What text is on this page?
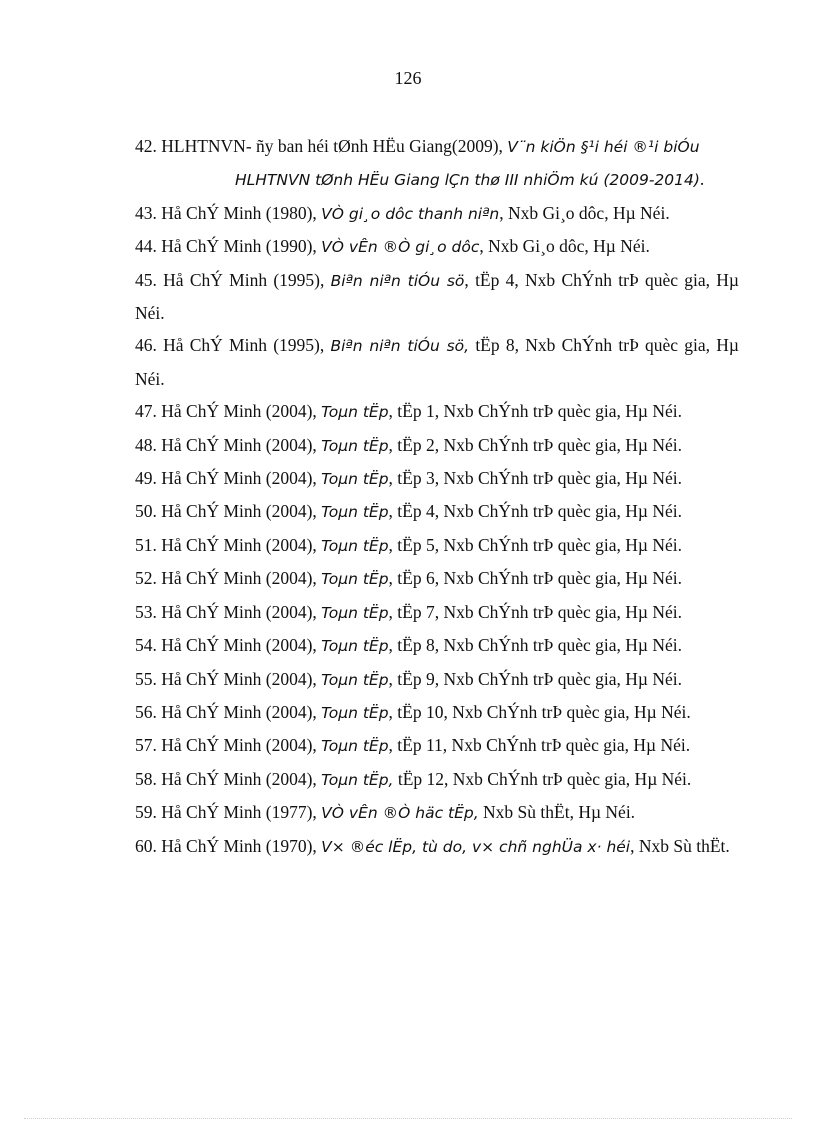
126

42. HLHTNVN- ñy ban héi tØnh HËu Giang(2009), V¨n kiÖn §¹i héi ®¹i biÓu
HLHTNVN tØnh HËu Giang lÇn thø III nhiÖm kú (2009-2014).

43. Hå ChÝ Minh (1980), VÒ gi¸o dôc thanh niªn, Nxb Gi¸o dôc, Hµ Néi.

44. Hå ChÝ Minh (1990), VÒ vÊn ®Ò gi¸o dôc, Nxb Gi¸o dôc, Hµ Néi.

45. Hå ChÝ Minh (1995), Biªn niªn tiÓu sö, tËp 4, Nxb ChÝnh trÞ quèc gia, Hµ Néi.

46. Hå ChÝ Minh (1995), Biªn niªn tiÓu sö, tËp 8, Nxb ChÝnh trÞ quèc gia, Hµ Néi.

47. Hå ChÝ Minh (2004), Toµn tËp, tËp 1, Nxb ChÝnh trÞ quèc gia, Hµ Néi.

48. Hå ChÝ Minh (2004), Toµn tËp, tËp 2, Nxb ChÝnh trÞ quèc gia, Hµ Néi.

49. Hå ChÝ Minh (2004), Toµn tËp, tËp 3, Nxb ChÝnh trÞ quèc gia, Hµ Néi.

50. Hå ChÝ Minh (2004), Toµn tËp, tËp 4, Nxb ChÝnh trÞ quèc gia, Hµ Néi.

51. Hå ChÝ Minh (2004), Toµn tËp, tËp 5, Nxb ChÝnh trÞ quèc gia, Hµ Néi.

52. Hå ChÝ Minh (2004), Toµn tËp, tËp 6, Nxb ChÝnh trÞ quèc gia, Hµ Néi.

53. Hå ChÝ Minh (2004), Toµn tËp, tËp 7, Nxb ChÝnh trÞ quèc gia, Hµ Néi.

54. Hå ChÝ Minh (2004), Toµn tËp, tËp 8, Nxb ChÝnh trÞ quèc gia, Hµ Néi.

55. Hå ChÝ Minh (2004), Toµn tËp, tËp 9, Nxb ChÝnh trÞ quèc gia, Hµ Néi.

56. Hå ChÝ Minh (2004), Toµn tËp, tËp 10, Nxb ChÝnh trÞ quèc gia, Hµ Néi.

57. Hå ChÝ Minh (2004), Toµn tËp, tËp 11, Nxb ChÝnh trÞ quèc gia, Hµ Néi.

58. Hå ChÝ Minh (2004), Toµn tËp, tËp 12, Nxb ChÝnh trÞ quèc gia, Hµ Néi.

59. Hå ChÝ Minh (1977), VÒ vÊn ®Ò häc tËp, Nxb Sù thËt, Hµ Néi.

60. Hå ChÝ Minh (1970), V× ®éc lËp, tù do, v× chñ nghÜa x· héi, Nxb Sù thËt.
